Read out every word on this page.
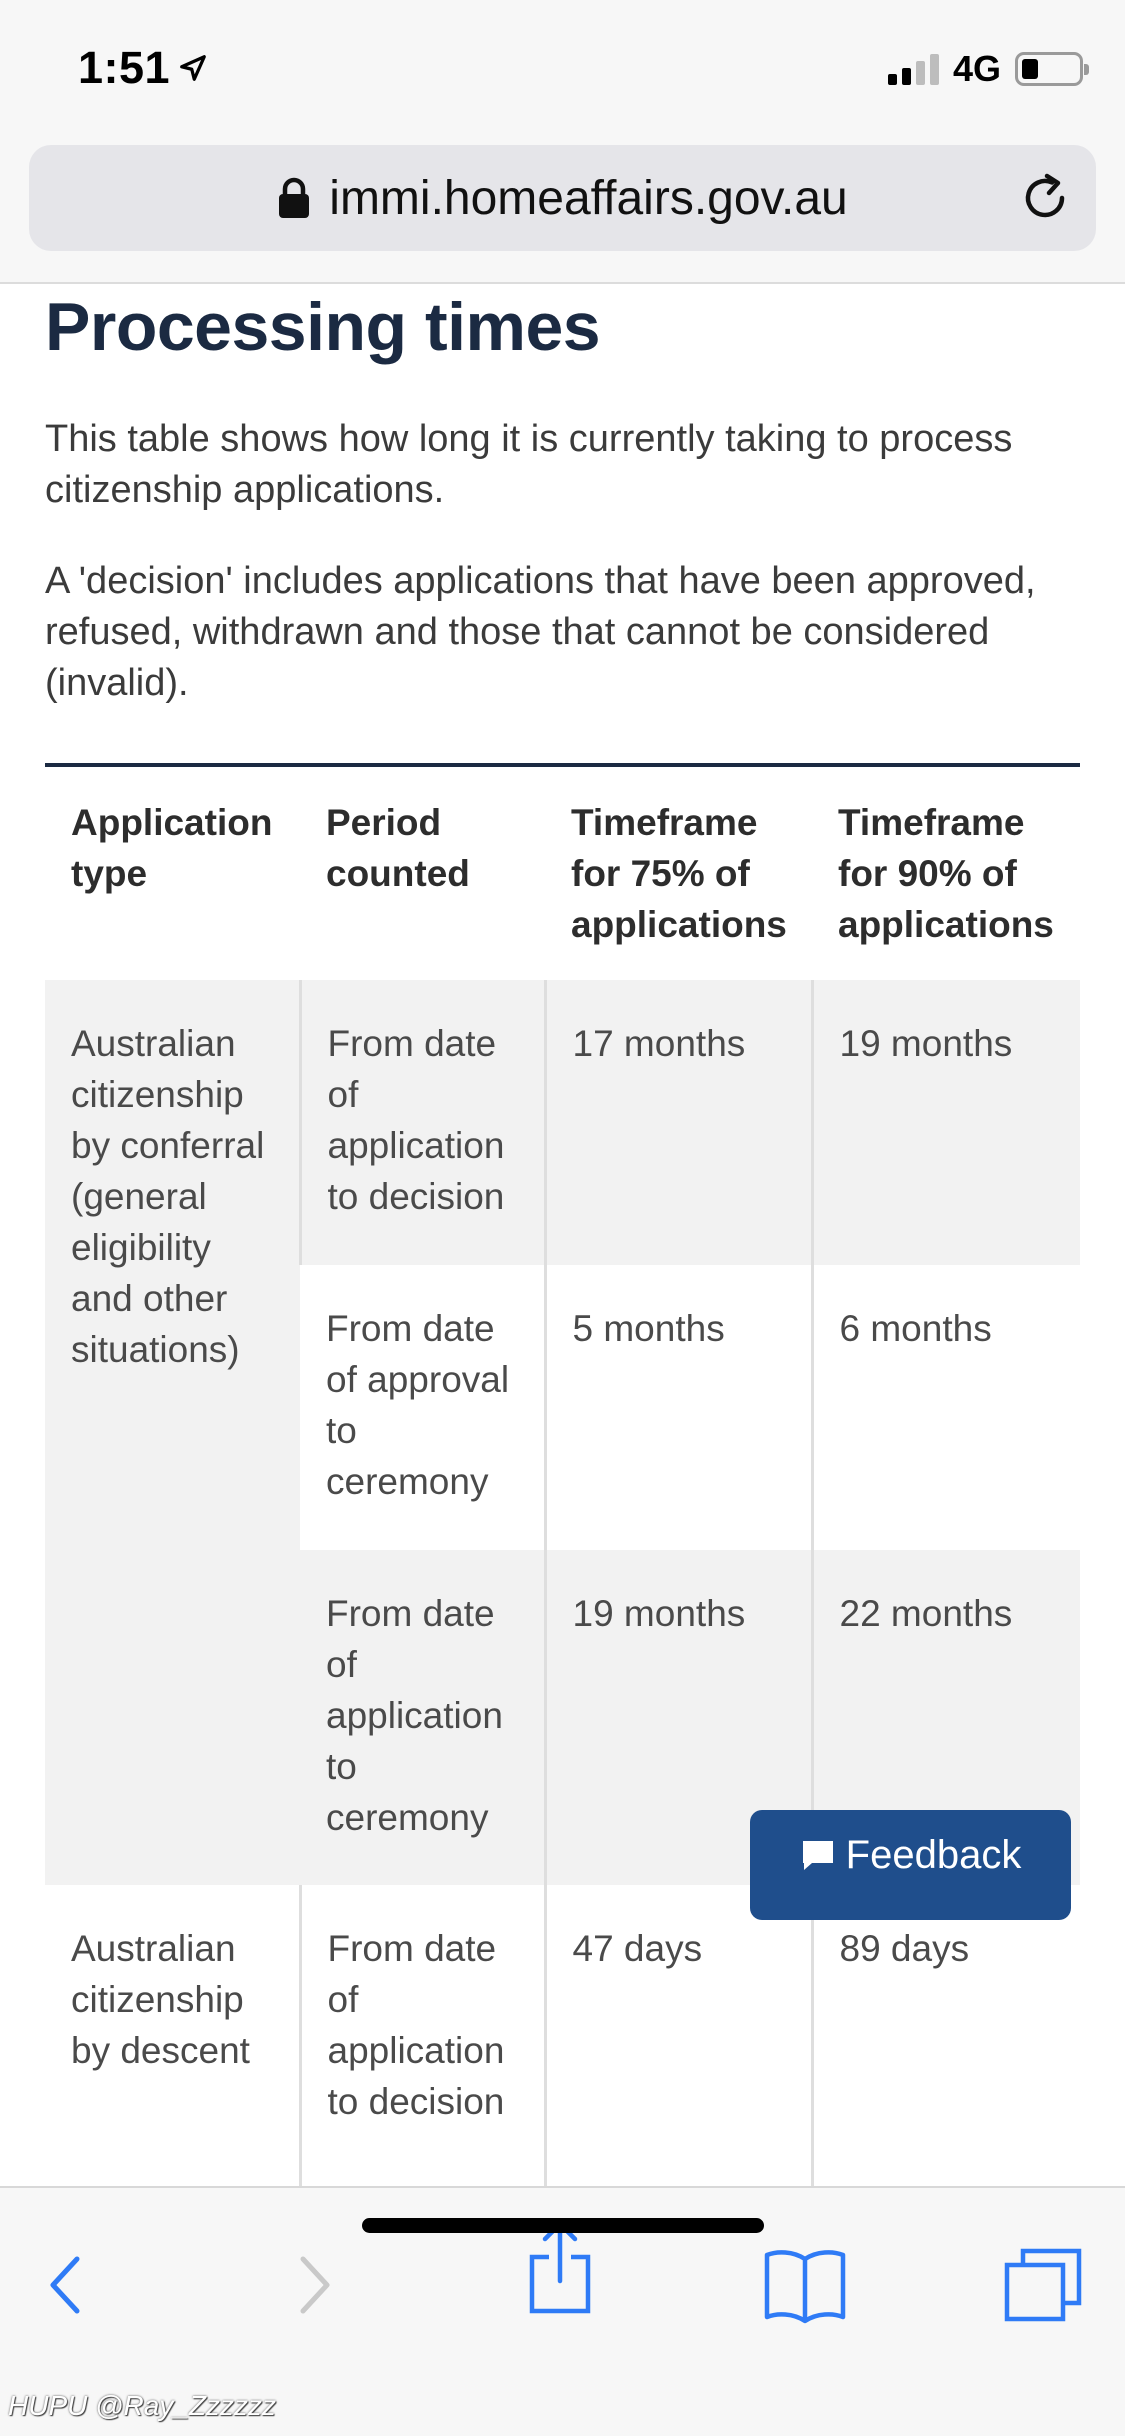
1:51	4G
immi.homeaffairs.gov.au
Processing times

This table shows how long it is currently taking to process citizenship applications.

A 'decision' includes applications that have been approved, refused, withdrawn and those that cannot be considered (invalid).

Application type	Period counted	Timeframe for 75% of applications	Timeframe for 90% of applications
Australian citizenship by conferral (general eligibility and other situations)	From date of application to decision	17 months	19 months
	From date of approval to ceremony	5 months	6 months
	From date of application to ceremony	19 months	22 months
Australian citizenship by descent	From date of application to decision	47 days	89 days
Feedback
HUPU @Ray_Zzzzzz
